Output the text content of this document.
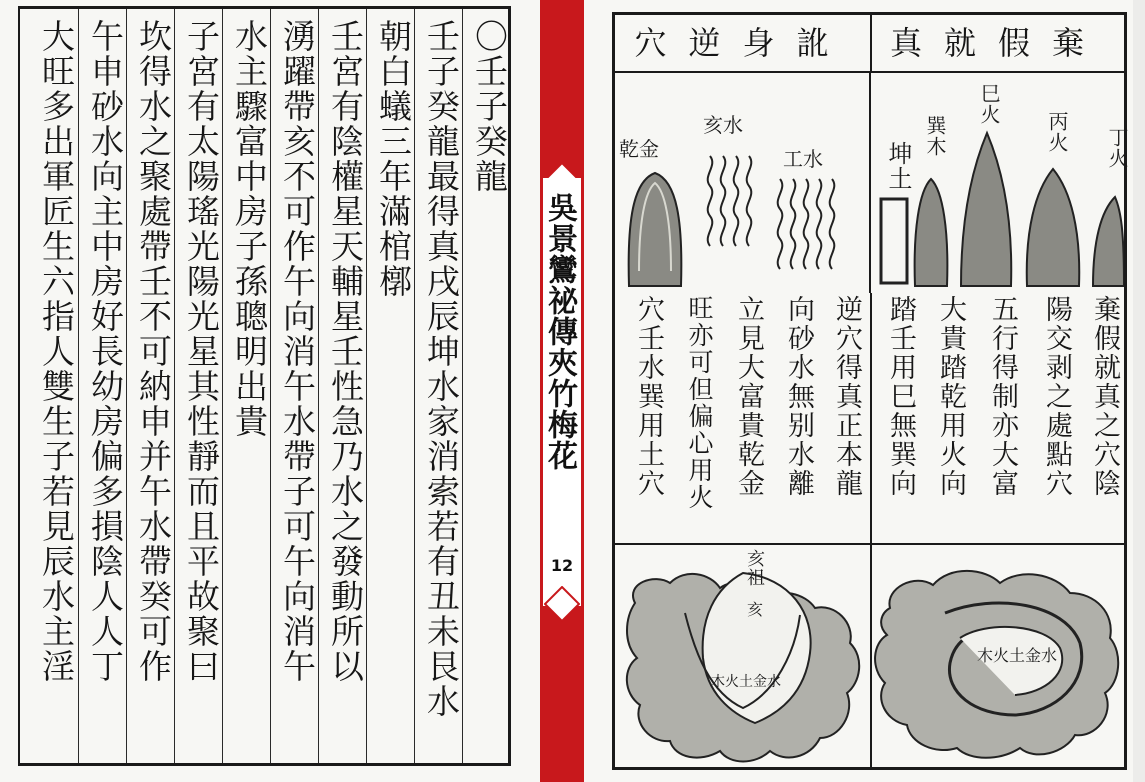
〇壬子癸龍
壬子癸龍最得真戌辰坤水家消索若有丑未艮水
朝白蟻三年滿棺槨
壬宮有陰權星天輔星壬性急乃水之發動所以
湧躍帶亥不可作午向消午水帶子可午向消午
水主驟富中房子孫聰明出貴
子宮有太陽瑤光陽光星其性靜而且平故聚曰
坎得水之聚處帶壬不可納申并午水帶癸可作
午申砂水向主中房好長幼房偏多損陰人人丁
大旺多出軍匠生六指人雙生子若見辰水主淫	吳景鸞祕傳夾竹梅花
12
穴逆身訛	真就假棄
乾金
亥水
工水	坤土
巽木
巳火
丙火 丁火
棄假就真之穴陰
陽交剥之處點穴
五行得制亦大富
大貴踏乾用火向
踏壬用巳無巽向
逆穴得真正本龍
向砂水無别水離
立見大富貴乾金
旺亦可但偏心用火
穴壬水巽用土穴
亥祖
亥
木火土金水
木火土金水
